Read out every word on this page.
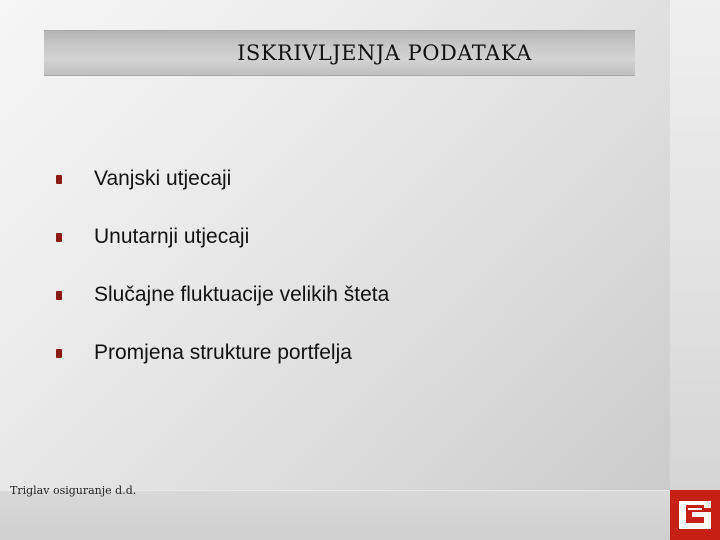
ISKRIVLJENJA PODATAKA
Vanjski utjecaji
Unutarnji utjecaji
Slučajne fluktuacije velikih šteta
Promjena strukture portfelja
Triglav osiguranje d.d.
